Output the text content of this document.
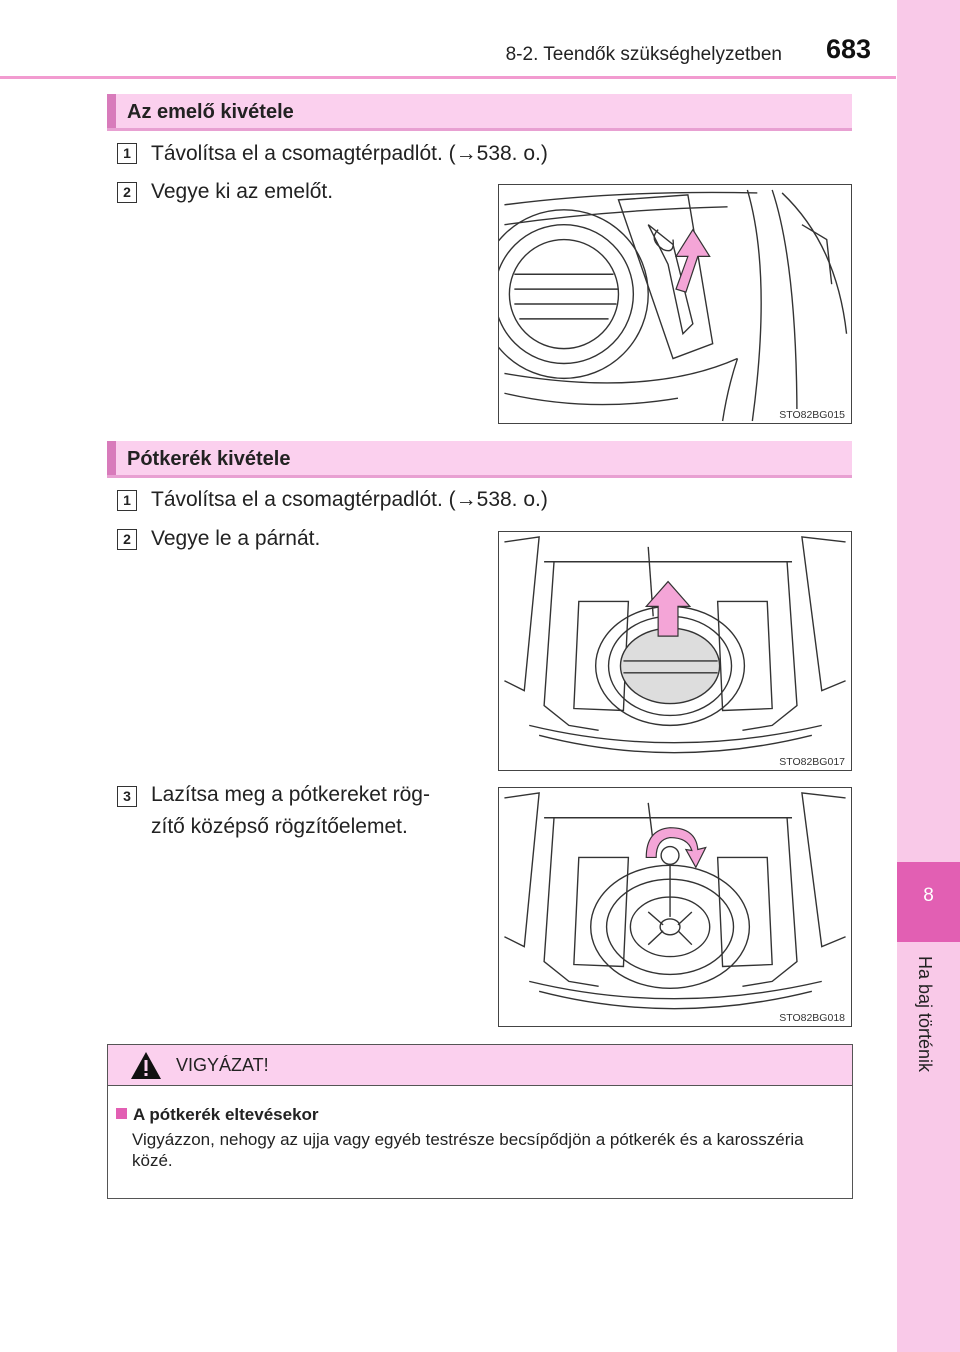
8-2. Teendők szükséghelyzetben 683
8
Ha baj történik
Az emelő kivétele
1 Távolítsa el a csomagtérpadlót. (→538. o.)
2 Vegye ki az emelőt.
STO82BG015
Pótkerék kivétele
1 Távolítsa el a csomagtérpadlót. (→538. o.)
2 Vegye le a párnát.
STO82BG017
3 Lazítsa meg a pótkereket rög-
zítő középső rögzítőelemet.
STO82BG018
VIGYÁZAT!
A pótkerék eltevésekor
Vigyázzon, nehogy az ujja vagy egyéb testrésze becsípődjön a pótkerék és a karosszéria közé.
